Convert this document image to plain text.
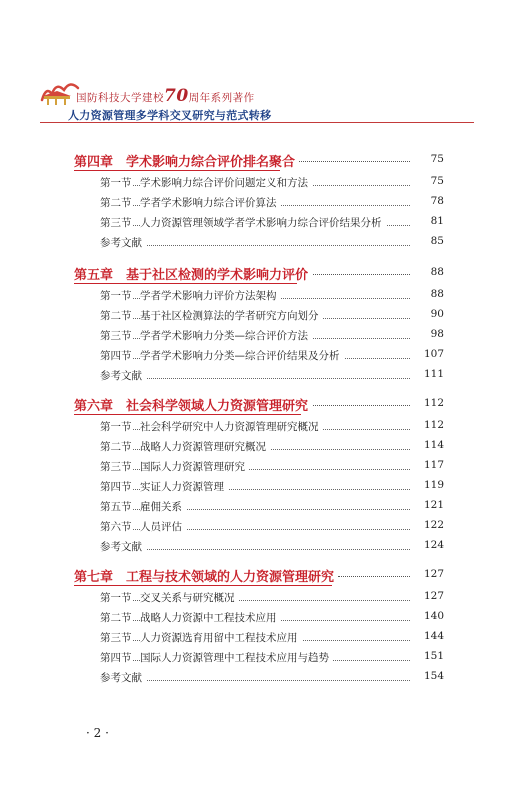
国防科技大学建校70周年系列著作
人力资源管理多学科交叉研究与范式转移
第四章　学术影响力综合评价排名聚合	75
第一节 学术影响力综合评价问题定义和方法	75
第二节 学者学术影响力综合评价算法	78
第三节 人力资源管理领域学者学术影响力综合评价结果分析	81
参考文献	85
第五章　基于社区检测的学术影响力评价	88
第一节 学者学术影响力评价方法架构	88
第二节 基于社区检测算法的学者研究方向划分	90
第三节 学者学术影响力分类—综合评价方法	98
第四节 学者学术影响力分类—综合评价结果及分析	107
参考文献	111
第六章　社会科学领域人力资源管理研究	112
第一节 社会科学研究中人力资源管理研究概况	112
第二节 战略人力资源管理研究概况	114
第三节 国际人力资源管理研究	117
第四节 实证人力资源管理	119
第五节 雇佣关系	121
第六节 人员评估	122
参考文献	124
第七章　工程与技术领域的人力资源管理研究	127
第一节 交叉关系与研究概况	127
第二节 战略人力资源中工程技术应用	140
第三节 人力资源选育用留中工程技术应用	144
第四节 国际人力资源管理中工程技术应用与趋势	151
参考文献	154
· 2 ·
